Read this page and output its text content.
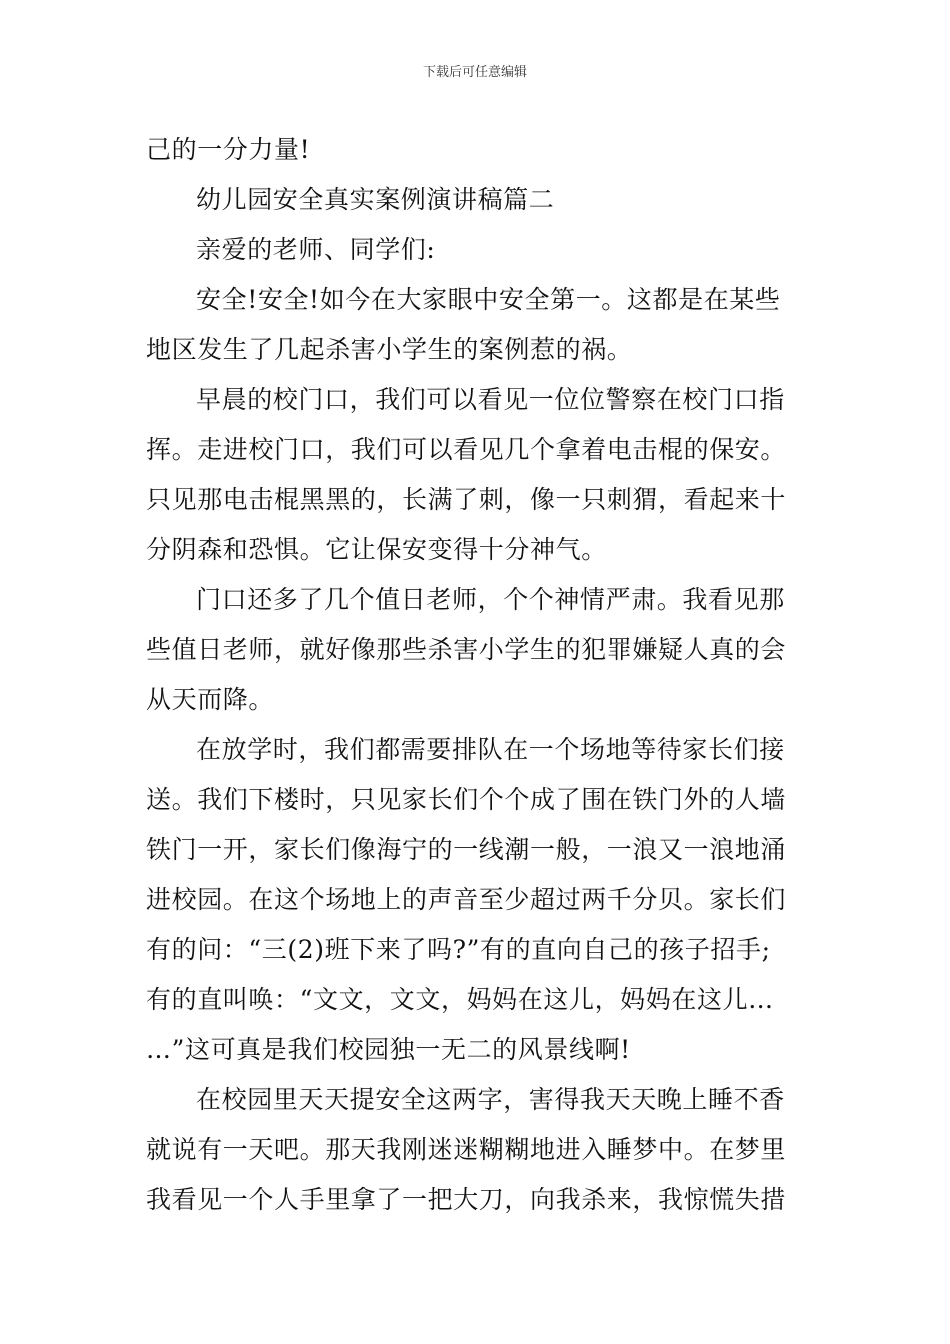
下载后可任意编辑
己的一分力量!
幼儿园安全真实案例演讲稿篇二
亲爱的老师、同学们:
安全!安全!如今在大家眼中安全第一。这都是在某些
地区发生了几起杀害小学生的案例惹的祸。
早晨的校门口，我们可以看见一位位警察在校门口指
挥。走进校门口，我们可以看见几个拿着电击棍的保安。
只见那电击棍黑黑的，长满了刺，像一只刺猬，看起来十
分阴森和恐惧。它让保安变得十分神气。
门口还多了几个值日老师，个个神情严肃。我看见那
些值日老师，就好像那些杀害小学生的犯罪嫌疑人真的会
从天而降。
在放学时，我们都需要排队在一个场地等待家长们接
送。我们下楼时，只见家长们个个成了围在铁门外的人墙
铁门一开，家长们像海宁的一线潮一般，一浪又一浪地涌
进校园。在这个场地上的声音至少超过两千分贝。家长们
有的问：“三(2)班下来了吗?”有的直向自己的孩子招手;
有的直叫唤：“文文，文文，妈妈在这儿，妈妈在这儿…
…”这可真是我们校园独一无二的风景线啊!
在校园里天天提安全这两字，害得我天天晚上睡不香
就说有一天吧。那天我刚迷迷糊糊地进入睡梦中。在梦里
我看见一个人手里拿了一把大刀，向我杀来，我惊慌失措
